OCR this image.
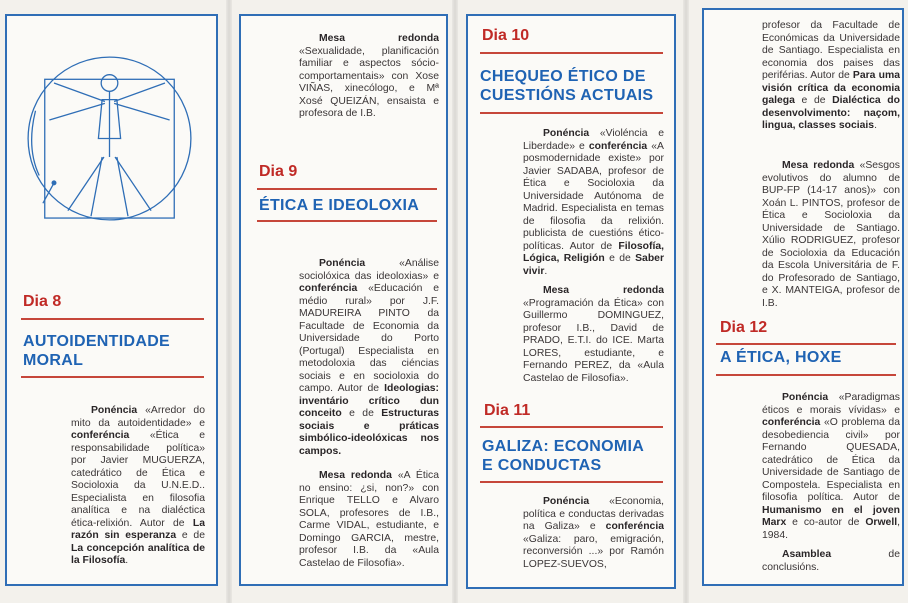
Dia 8
AUTOIDENTIDADE MORAL

Ponéncia «Arredor do mito da autoidentidade» e conferéncia «Ética e responsabilidade política» por Javier MUGUERZA, catedrático de Ética e Socioloxia da U.N.E.D.. Especialista en filosofia analítica e na dialéctica ética-relixión. Autor de La razón sin esperanza e de La concepción analítica de la Filosofía.

Mesa redonda «Sexualidade, planificación familiar e aspectos sócio-comportamentais» con Xose VIÑAS, xinecólogo, e Mª Xosé QUEIZÁN, ensaista e profesora de I.B.

Dia 9
ÉTICA E IDEOLOXIA

Ponéncia «Análise sociolóxica das ideoloxias» e conferéncia «Educación e médio rural» por J.F. MADUREIRA PINTO da Facultade de Economia da Universidade do Porto (Portugal) Especialista en metodoloxia das ciéncias sociais e en socioloxia do campo. Autor de Ideologias: inventário crítico dun conceito e de Estructuras sociais e práticas simbólico-ideolóxicas nos campos.

Mesa redonda «A Ética no ensino: ¿si, non?» con Enrique TELLO e Alvaro SOLA, profesores de I.B., Carme VIDAL, estudiante, e Domingo GARCIA, mestre, profesor I.B. da «Aula Castelao de Filosofia».

Dia 10
CHEQUEO ÉTICO DE CUESTIÓNS ACTUAIS

Ponéncia «Violéncia e Liberdade» e conferéncia «A posmodernidade existe» por Javier SADABA, profesor de Ética e Socioloxia da Universidade Autónoma de Madrid. Especialista en temas de filosofia da relixión. publicista de cuestións ético-políticas. Autor de Filosofía, Lógica, Religión e de Saber vivir.

Mesa redonda «Programación da Ética» con Guillermo DOMINGUEZ, profesor I.B., David de PRADO, E.T.I. do ICE. Marta LORES, estudiante, e Fernando PEREZ, da «Aula Castelao de Filosofia».

Dia 11
GALIZA: ECONOMIA E CONDUCTAS

Ponéncia «Economia, política e conductas derivadas na Galiza» e conferéncia «Galiza: paro, emigración, reconversión ...» por Ramón LOPEZ-SUEVOS,

profesor da Facultade de Económicas da Universidade de Santiago. Especialista en economia dos paises das periférias. Autor de Para uma visión crítica da economia galega e de Dialéctica do desenvolvimento: naçom, lingua, classes sociais.

Mesa redonda «Sesgos evolutivos do alumno de BUP-FP (14-17 anos)» con Xoán L. PINTOS, profesor de Ética e Socioloxia da Universidade de Santiago. Xúlio RODRIGUEZ, profesor de Socioloxia da Educación da Escola Universitária de F. do Profesorado de Santiago, e X. MANTEIGA, profesor de I.B.

Dia 12
A ÉTICA, HOXE

Ponéncia «Paradigmas éticos e morais vívidas» e conferéncia «O problema da desobediencia civil» por Fernando QUESADA, catedrático de Ética da Universidade de Santiago de Compostela. Especialista en filosofia política. Autor de Humanismo en el joven Marx e co-autor de Orwell, 1984.

Asamblea de conclusións.
